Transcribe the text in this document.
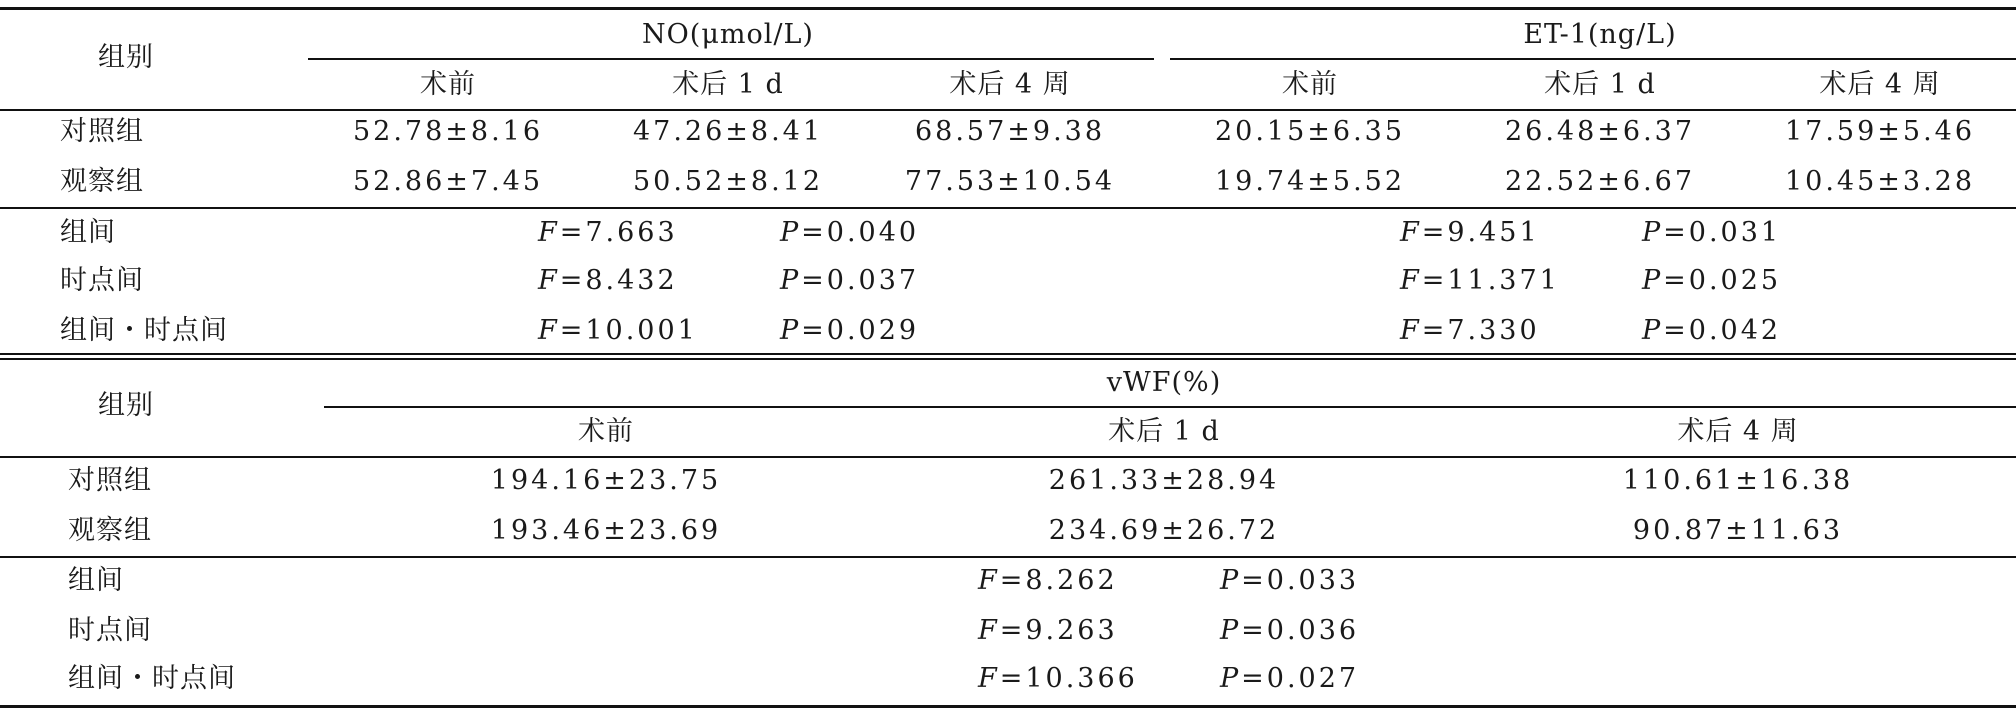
组别
NO(μmol/L)	ET-1(ng/L)
术前	术后 1 d	术后 4 周	术前	术后 1 d	术后 4 周
对照组	52.78±8.16	47.26±8.41	68.57±9.38	20.15±6.35	26.48±6.37	17.59±5.46
观察组	52.86±7.45	50.52±8.12	77.53±10.54	19.74±5.52	22.52±6.67	10.45±3.28
组间	F=7.663	P=0.040	F=9.451	P=0.031
时点间	F=8.432	P=0.037	F=11.371	P=0.025
组间・时点间	F=10.001	P=0.029	F=7.330	P=0.042
组别
vWF(%)
术前	术后 1 d	术后 4 周
对照组	194.16±23.75	261.33±28.94	110.61±16.38
观察组	193.46±23.69	234.69±26.72	90.87±11.63
组间	F=8.262	P=0.033
时点间	F=9.263	P=0.036
组间・时点间	F=10.366	P=0.027
